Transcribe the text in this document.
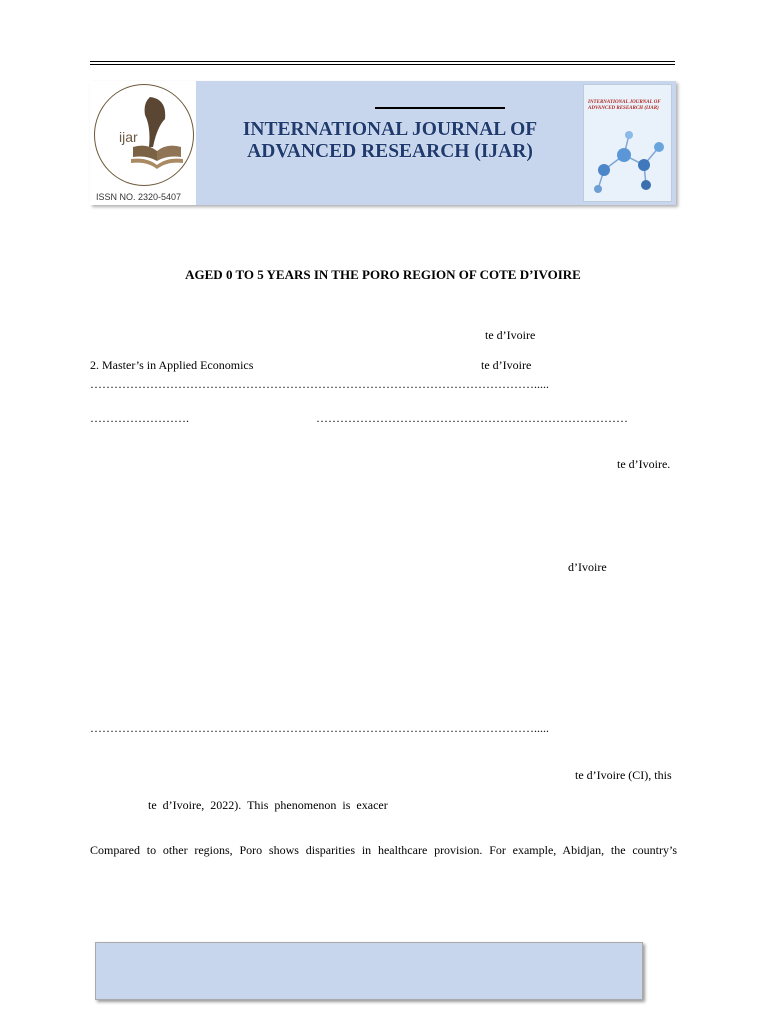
ijar
ISSN NO. 2320-5407
INTERNATIONAL JOURNAL OF
ADVANCED RESEARCH (IJAR)
INTERNATIONAL JOURNAL OF ADVANCED RESEARCH (IJAR)
AGED 0 TO 5 YEARS IN THE PORO REGION OF COTE D’IVOIRE
te d’Ivoire
2. Master’s in Applied Economics	te d’Ivoire
………………………………………………………………………………………………….....
…………………….	……………………………………………………………………
te d’Ivoire.
d’Ivoire
………………………………………………………………………………………………….....
te d’Ivoire (CI), this
te  d’Ivoire,  2022).  This  phenomenon  is  exacer
Compared to other regions, Poro shows disparities in healthcare provision. For example, Abidjan, the country’s
